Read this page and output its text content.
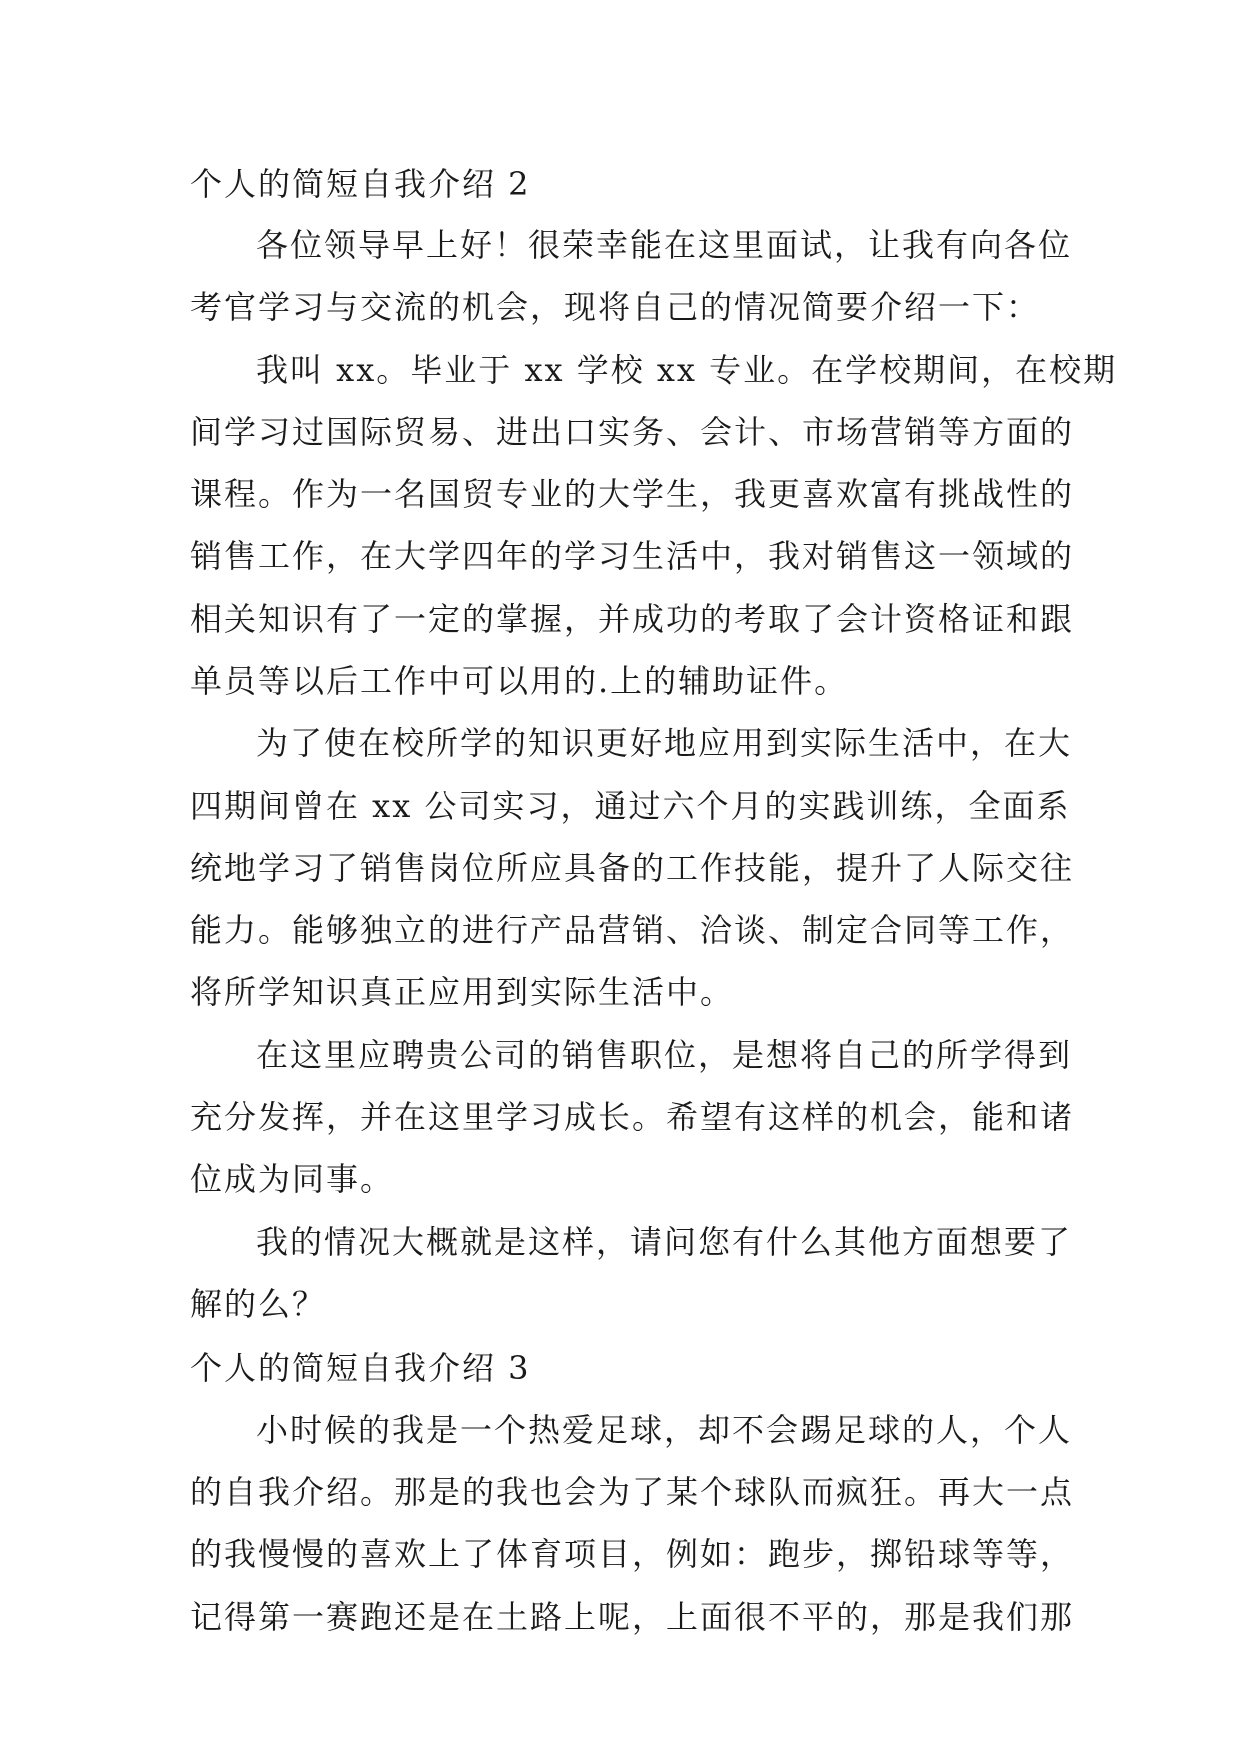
个人的简短自我介绍 2
各位领导早上好！很荣幸能在这里面试，让我有向各位
考官学习与交流的机会，现将自己的情况简要介绍一下：
我叫 xx。毕业于 xx 学校 xx 专业。在学校期间，在校期
间学习过国际贸易、进出口实务、会计、市场营销等方面的
课程。作为一名国贸专业的大学生，我更喜欢富有挑战性的
销售工作，在大学四年的学习生活中，我对销售这一领域的
相关知识有了一定的掌握，并成功的考取了会计资格证和跟
单员等以后工作中可以用的.上的辅助证件。
为了使在校所学的知识更好地应用到实际生活中，在大
四期间曾在 xx 公司实习，通过六个月的实践训练，全面系
统地学习了销售岗位所应具备的工作技能，提升了人际交往
能力。能够独立的进行产品营销、洽谈、制定合同等工作，
将所学知识真正应用到实际生活中。
在这里应聘贵公司的销售职位，是想将自己的所学得到
充分发挥，并在这里学习成长。希望有这样的机会，能和诸
位成为同事。
我的情况大概就是这样，请问您有什么其他方面想要了
解的么？
个人的简短自我介绍 3
小时候的我是一个热爱足球，却不会踢足球的人，个人
的自我介绍。那是的我也会为了某个球队而疯狂。再大一点
的我慢慢的喜欢上了体育项目，例如：跑步，掷铅球等等，
记得第一赛跑还是在土路上呢，上面很不平的，那是我们那
